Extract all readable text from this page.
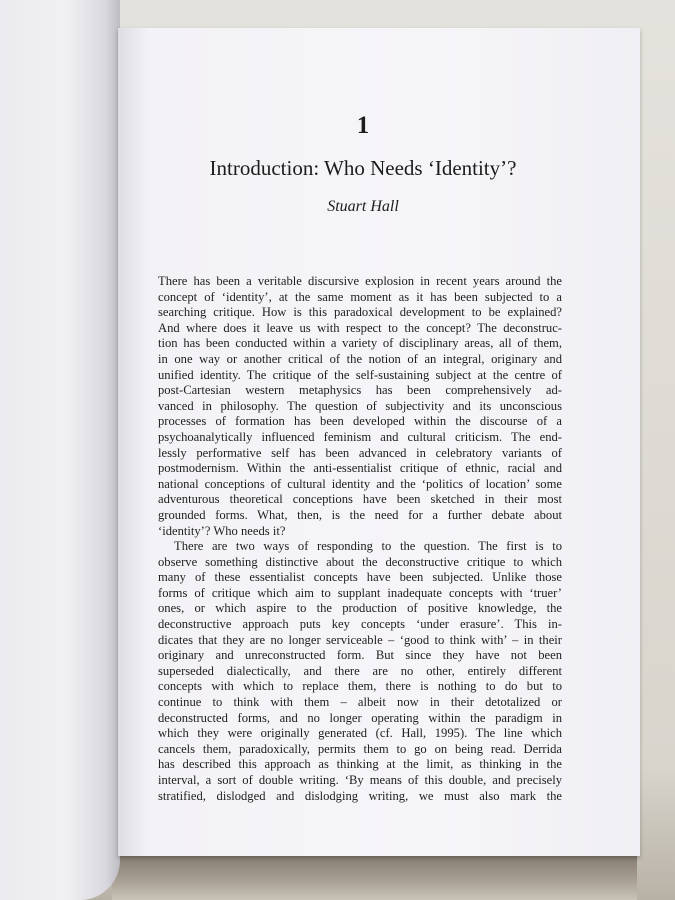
1
Introduction: Who Needs ‘Identity’?
Stuart Hall
There has been a veritable discursive explosion in recent years around the
concept of ‘identity’, at the same moment as it has been subjected to a
searching critique. How is this paradoxical development to be explained?
And where does it leave us with respect to the concept? The deconstruc-
tion has been conducted within a variety of disciplinary areas, all of them,
in one way or another critical of the notion of an integral, originary and
unified identity. The critique of the self-sustaining subject at the centre of
post-Cartesian western metaphysics has been comprehensively ad-
vanced in philosophy. The question of subjectivity and its unconscious
processes of formation has been developed within the discourse of a
psychoanalytically influenced feminism and cultural criticism. The end-
lessly performative self has been advanced in celebratory variants of
postmodernism. Within the anti-essentialist critique of ethnic, racial and
national conceptions of cultural identity and the ‘politics of location’ some
adventurous theoretical conceptions have been sketched in their most
grounded forms. What, then, is the need for a further debate about
‘identity’? Who needs it?
There are two ways of responding to the question. The first is to
observe something distinctive about the deconstructive critique to which
many of these essentialist concepts have been subjected. Unlike those
forms of critique which aim to supplant inadequate concepts with ‘truer’
ones, or which aspire to the production of positive knowledge, the
deconstructive approach puts key concepts ‘under erasure’. This in-
dicates that they are no longer serviceable – ‘good to think with’ – in their
originary and unreconstructed form. But since they have not been
superseded dialectically, and there are no other, entirely different
concepts with which to replace them, there is nothing to do but to
continue to think with them – albeit now in their detotalized or
deconstructed forms, and no longer operating within the paradigm in
which they were originally generated (cf. Hall, 1995). The line which
cancels them, paradoxically, permits them to go on being read. Derrida
has described this approach as thinking at the limit, as thinking in the
interval, a sort of double writing. ‘By means of this double, and precisely
stratified, dislodged and dislodging writing, we must also mark the
